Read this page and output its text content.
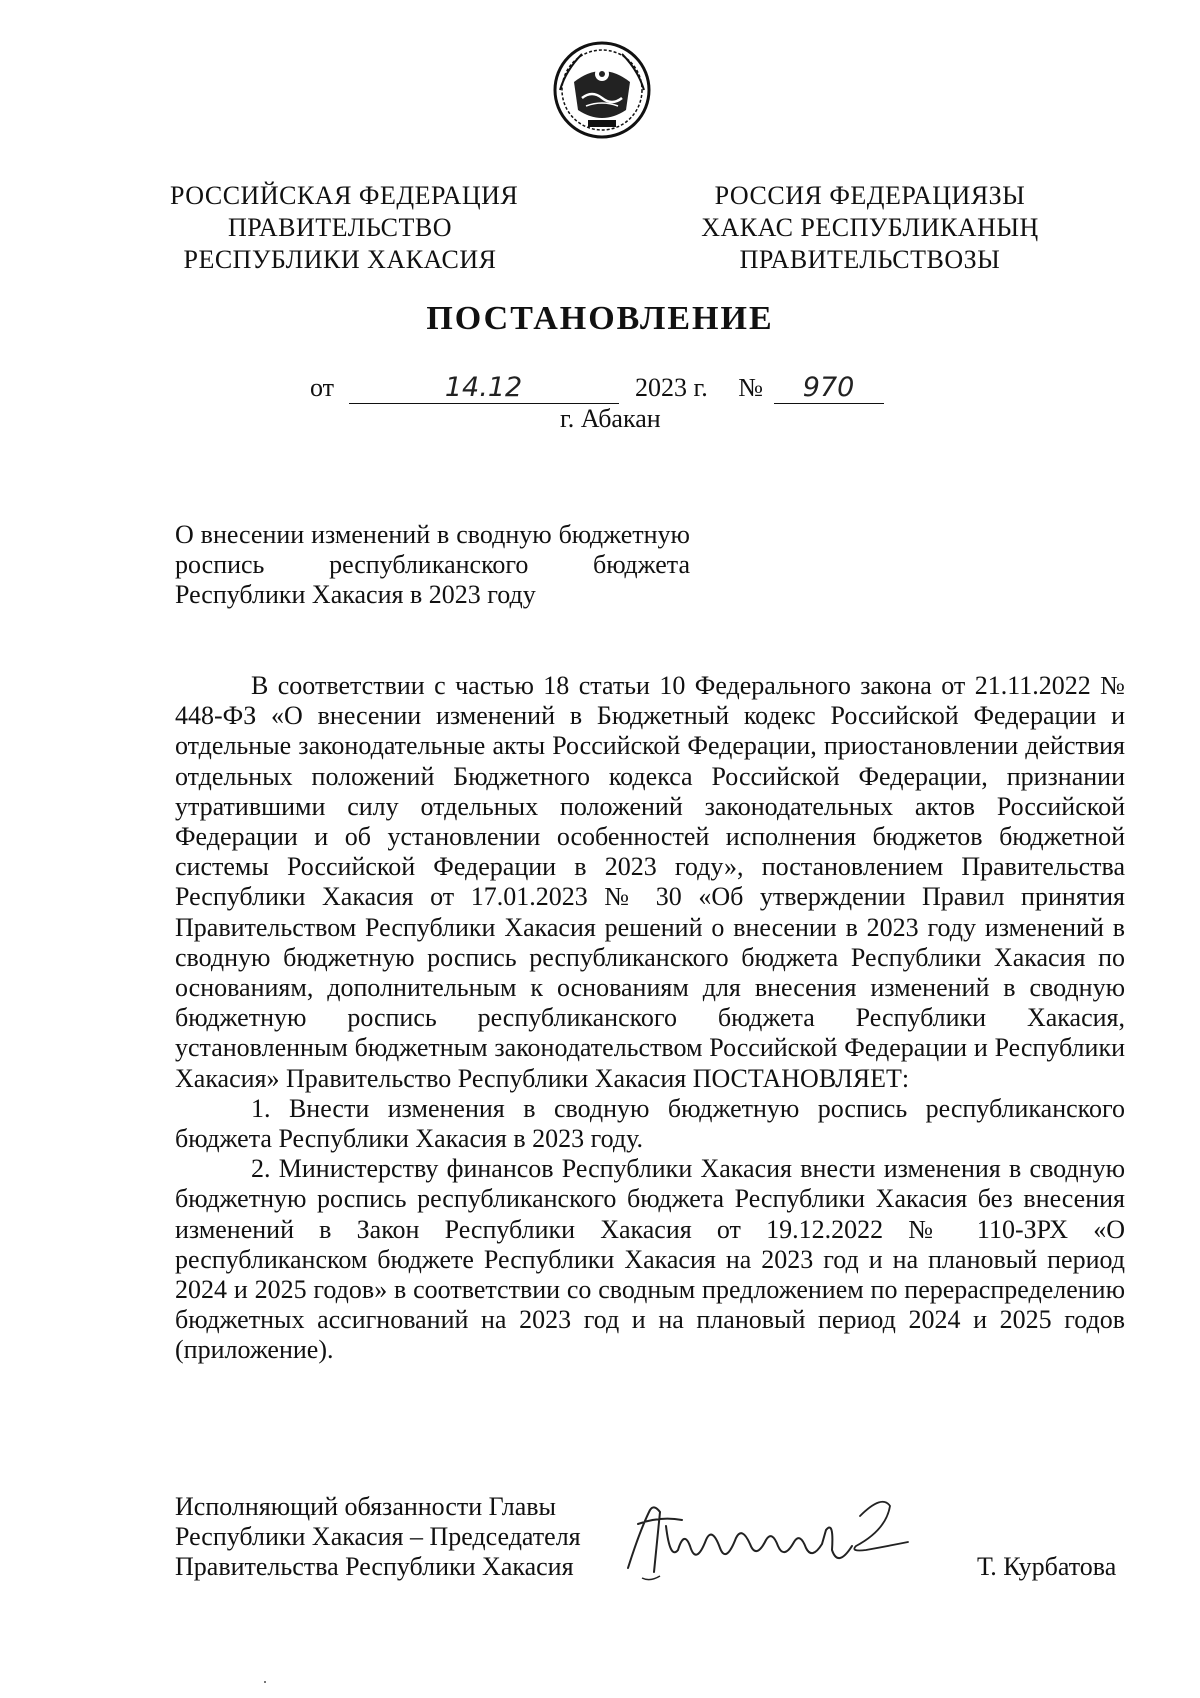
РОССИЙСКАЯ ФЕДЕРАЦИЯ
ПРАВИТЕЛЬСТВО
РЕСПУБЛИКИ ХАКАСИЯ
РОССИЯ ФЕДЕРАЦИЯЗЫ
ХАКАС РЕСПУБЛИКАНЫҢ
ПРАВИТЕЛЬСТВОЗЫ
ПОСТАНОВЛЕНИЕ
от	14.12	2023 г. № 970
г. Абакан
О внесении изменений в сводную бюджетную роспись республиканского бюджета Республики Хакасия в 2023 году

В соответствии с частью 18 статьи 10 Федерального закона от 21.11.2022 № 448-ФЗ «О внесении изменений в Бюджетный кодекс Российской Федерации и отдельные законодательные акты Российской Федерации, приостановлении действия отдельных положений Бюджетного кодекса Российской Федерации, признании утратившими силу отдельных положений законодательных актов Российской Федерации и об установлении особенностей исполнения бюджетов бюджетной системы Российской Федерации в 2023 году», постановлением Правительства Республики Хакасия от 17.01.2023 № 30 «Об утверждении Правил принятия Правительством Республики Хакасия решений о внесении в 2023 году изменений в сводную бюджетную роспись республиканского бюджета Республики Хакасия по основаниям, дополнительным к основаниям для внесения изменений в сводную бюджетную роспись республиканского бюджета Республики Хакасия, установленным бюджетным законодательством Российской Федерации и Республики Хакасия» Правительство Республики Хакасия ПОСТАНОВЛЯЕТ:

1. Внести изменения в сводную бюджетную роспись республиканского бюджета Республики Хакасия в 2023 году.

2. Министерству финансов Республики Хакасия внести изменения в сводную бюджетную роспись республиканского бюджета Республики Хакасия без внесения изменений в Закон Республики Хакасия от 19.12.2022 № 110-ЗРХ «О республиканском бюджете Республики Хакасия на 2023 год и на плановый период 2024 и 2025 годов» в соответствии со сводным предложением по перераспределению бюджетных ассигнований на 2023 год и на плановый период 2024 и 2025 годов (приложение).

Исполняющий обязанности Главы
Республики Хакасия – Председателя
Правительства Республики Хакасия	Т. Курбатова
